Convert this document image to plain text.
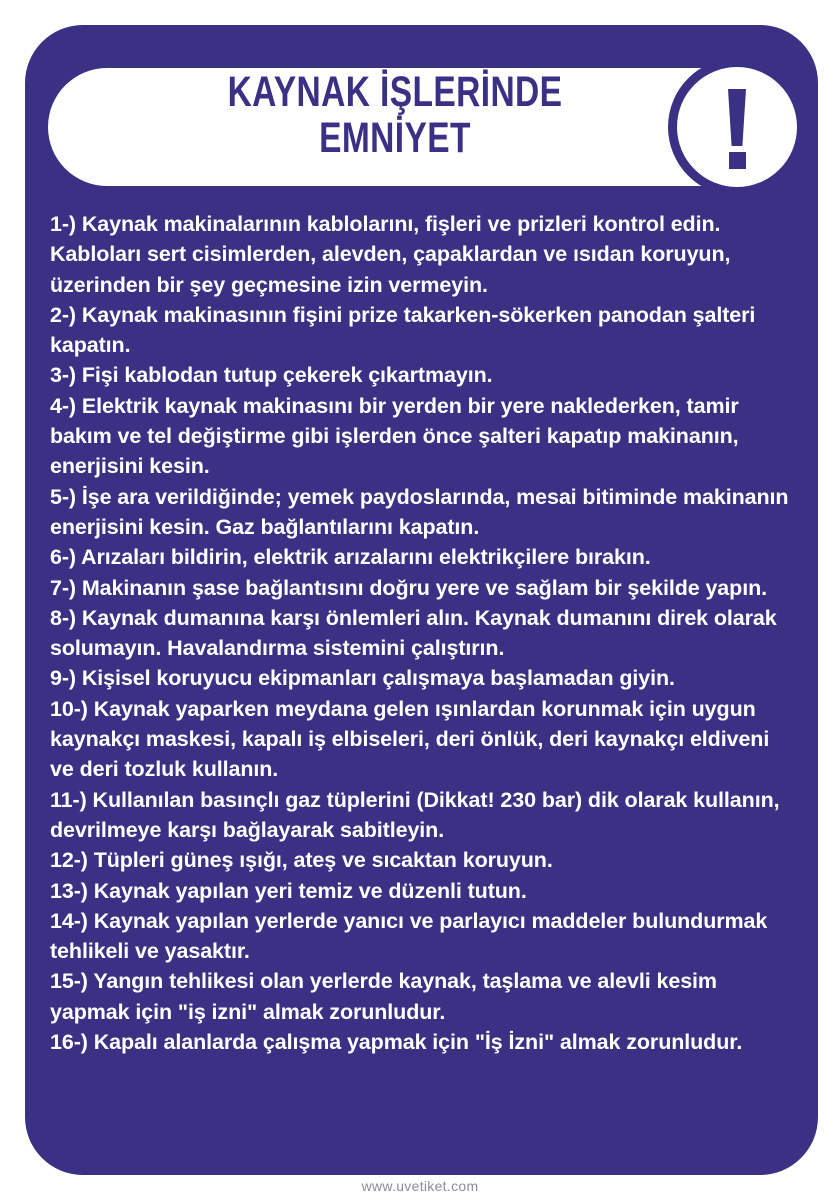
KAYNAK İŞLERİNDE
EMNİYET

1-) Kaynak makinalarının kablolarını, fişleri ve prizleri kontrol edin. Kabloları sert cisimlerden, alevden, çapaklardan ve ısıdan koruyun, üzerinden bir şey geçmesine izin vermeyin.

2-) Kaynak makinasının fişini prize takarken-sökerken panodan şalteri kapatın.

3-) Fişi kablodan tutup çekerek çıkartmayın.

4-) Elektrik kaynak makinasını bir yerden bir yere naklederken, tamir bakım ve tel değiştirme gibi işlerden önce şalteri kapatıp makinanın, enerjisini kesin.

5-) İşe ara verildiğinde; yemek paydoslarında, mesai bitiminde makinanın enerjisini kesin. Gaz bağlantılarını kapatın.

6-) Arızaları bildirin, elektrik arızalarını elektrikçilere bırakın.

7-) Makinanın şase bağlantısını doğru yere ve sağlam bir şekilde yapın.

8-) Kaynak dumanına karşı önlemleri alın. Kaynak dumanını direk olarak solumayın. Havalandırma sistemini çalıştırın.

9-) Kişisel koruyucu ekipmanları çalışmaya başlamadan giyin.

10-) Kaynak yaparken meydana gelen ışınlardan korunmak için uygun kaynakçı maskesi, kapalı iş elbiseleri, deri önlük, deri kaynakçı eldiveni ve deri tozluk kullanın.

11-) Kullanılan basınçlı gaz tüplerini (Dikkat! 230 bar) dik olarak kullanın, devrilmeye karşı bağlayarak sabitleyin.

12-) Tüpleri güneş ışığı, ateş ve sıcaktan koruyun.

13-) Kaynak yapılan yeri temiz ve düzenli tutun.

14-) Kaynak yapılan yerlerde yanıcı ve parlayıcı maddeler bulundurmak tehlikeli ve yasaktır.

15-) Yangın tehlikesi olan yerlerde kaynak, taşlama ve alevli kesim yapmak için "iş izni" almak zorunludur.

16-) Kapalı alanlarda çalışma yapmak için "İş İzni" almak zorunludur.

www.uvetiket.com
